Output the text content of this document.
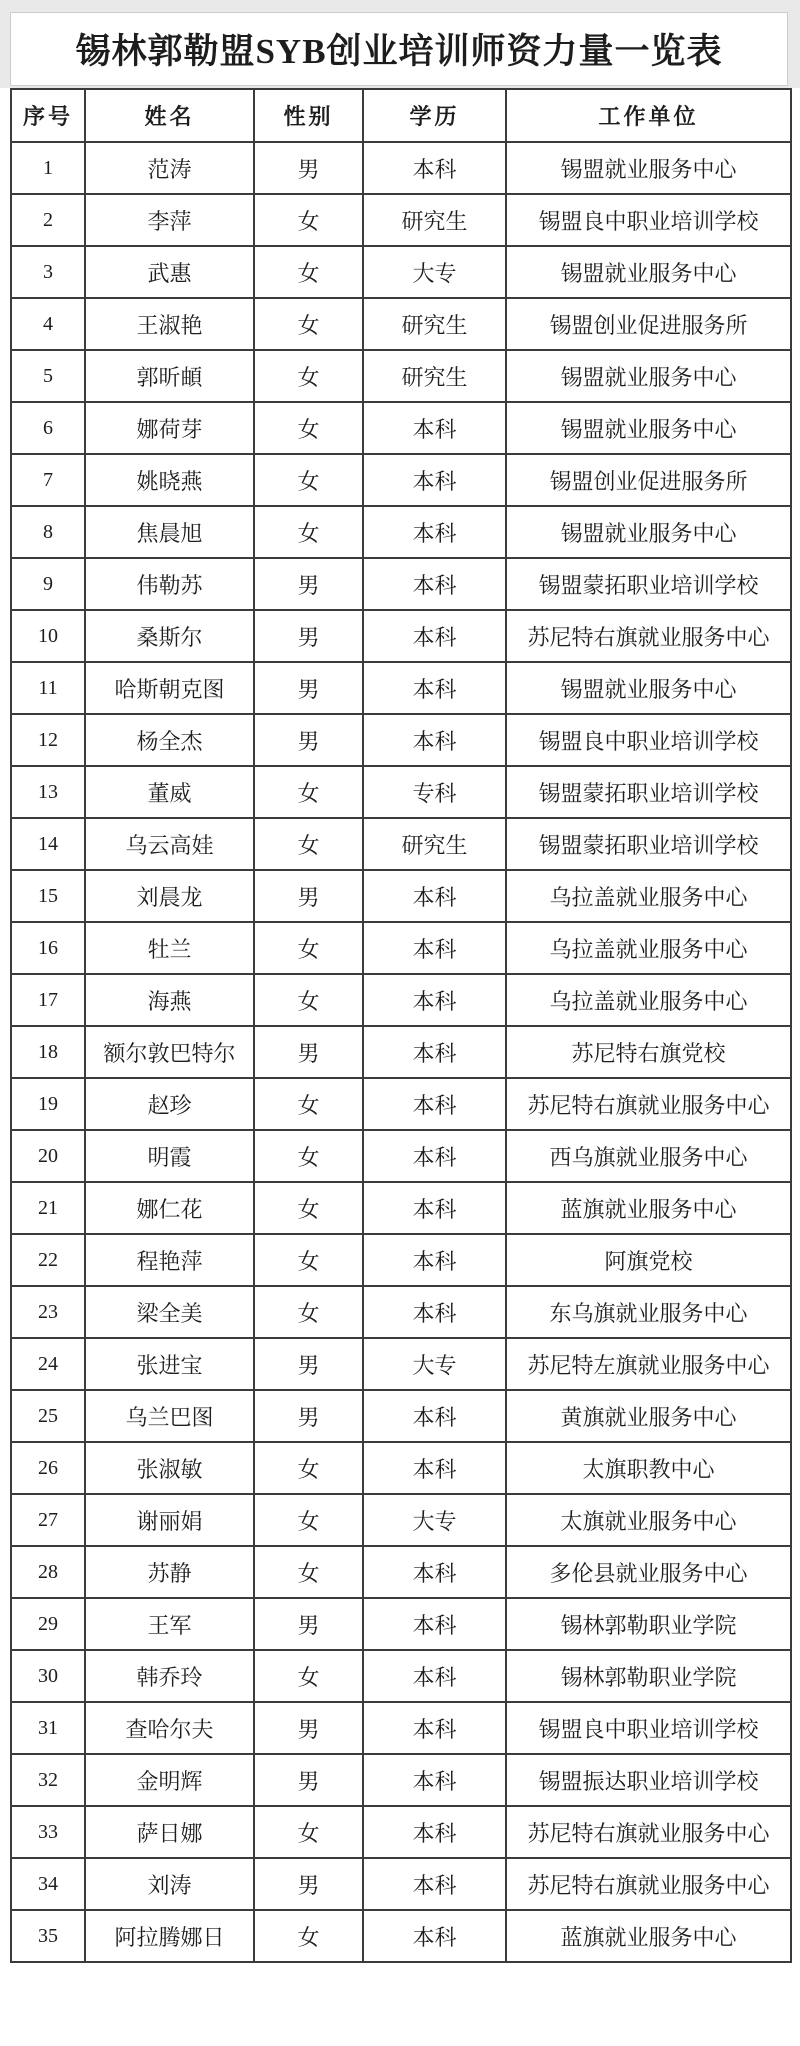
锡林郭勒盟SYB创业培训师资力量一览表
序号	姓名	性别	学历	工作单位
1	范涛	男	本科	锡盟就业服务中心
2	李萍	女	研究生	锡盟良中职业培训学校
3	武惠	女	大专	锡盟就业服务中心
4	王淑艳	女	研究生	锡盟创业促进服务所
5	郭昕頔	女	研究生	锡盟就业服务中心
6	娜荷芽	女	本科	锡盟就业服务中心
7	姚晓燕	女	本科	锡盟创业促进服务所
8	焦晨旭	女	本科	锡盟就业服务中心
9	伟勒苏	男	本科	锡盟蒙拓职业培训学校
10	桑斯尔	男	本科	苏尼特右旗就业服务中心
11	哈斯朝克图	男	本科	锡盟就业服务中心
12	杨全杰	男	本科	锡盟良中职业培训学校
13	董威	女	专科	锡盟蒙拓职业培训学校
14	乌云高娃	女	研究生	锡盟蒙拓职业培训学校
15	刘晨龙	男	本科	乌拉盖就业服务中心
16	牡兰	女	本科	乌拉盖就业服务中心
17	海燕	女	本科	乌拉盖就业服务中心
18	额尔敦巴特尔	男	本科	苏尼特右旗党校
19	赵珍	女	本科	苏尼特右旗就业服务中心
20	明霞	女	本科	西乌旗就业服务中心
21	娜仁花	女	本科	蓝旗就业服务中心
22	程艳萍	女	本科	阿旗党校
23	梁全美	女	本科	东乌旗就业服务中心
24	张进宝	男	大专	苏尼特左旗就业服务中心
25	乌兰巴图	男	本科	黄旗就业服务中心
26	张淑敏	女	本科	太旗职教中心
27	谢丽娟	女	大专	太旗就业服务中心
28	苏静	女	本科	多伦县就业服务中心
29	王军	男	本科	锡林郭勒职业学院
30	韩乔玲	女	本科	锡林郭勒职业学院
31	查哈尔夫	男	本科	锡盟良中职业培训学校
32	金明辉	男	本科	锡盟振达职业培训学校
33	萨日娜	女	本科	苏尼特右旗就业服务中心
34	刘涛	男	本科	苏尼特右旗就业服务中心
35	阿拉腾娜日	女	本科	蓝旗就业服务中心
